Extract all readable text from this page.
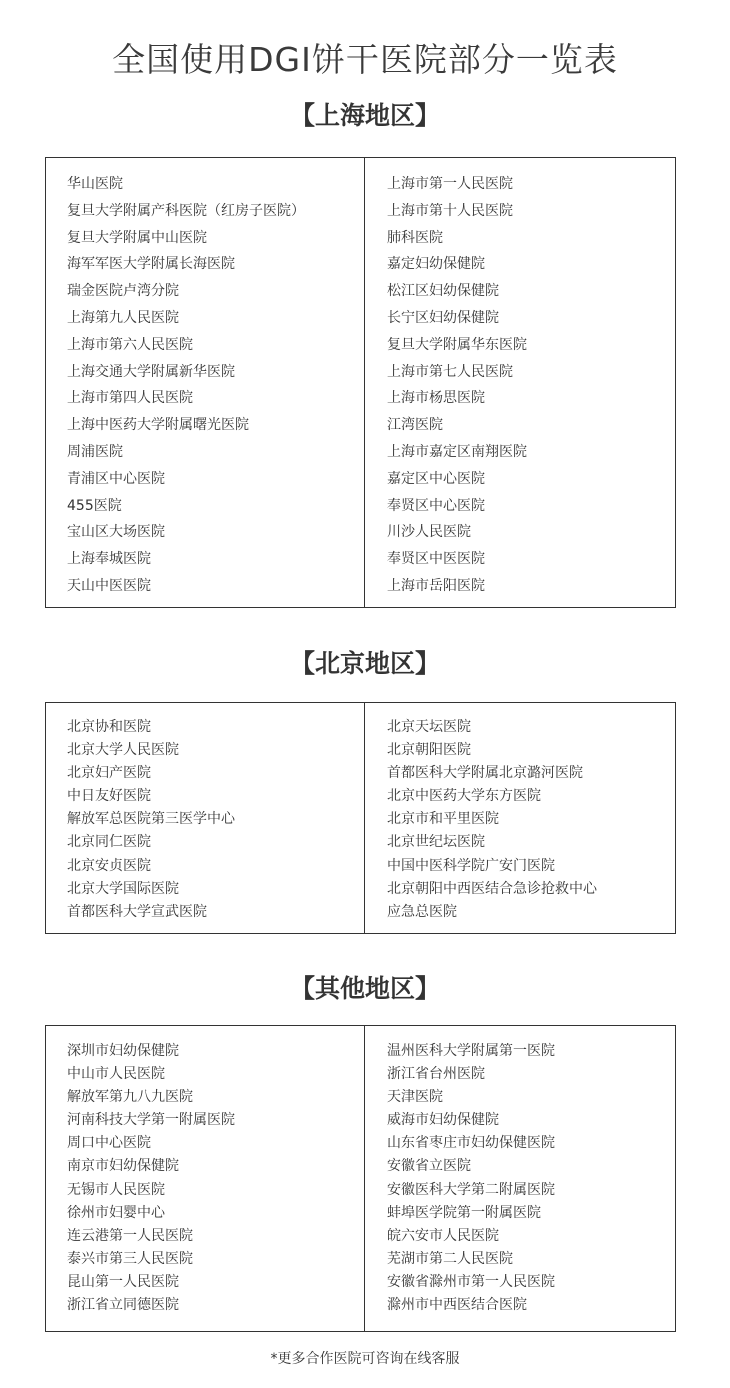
全国使用DGI饼干医院部分一览表
【上海地区】
华山医院
复旦大学附属产科医院（红房子医院）
复旦大学附属中山医院
海军军医大学附属长海医院
瑞金医院卢湾分院
上海第九人民医院
上海市第六人民医院
上海交通大学附属新华医院
上海市第四人民医院
上海中医药大学附属曙光医院
周浦医院
青浦区中心医院
455医院
宝山区大场医院
上海奉城医院
天山中医医院
上海市第一人民医院
上海市第十人民医院
肺科医院
嘉定妇幼保健院
松江区妇幼保健院
长宁区妇幼保健院
复旦大学附属华东医院
上海市第七人民医院
上海市杨思医院
江湾医院
上海市嘉定区南翔医院
嘉定区中心医院
奉贤区中心医院
川沙人民医院
奉贤区中医医院
上海市岳阳医院
【北京地区】
北京协和医院
北京大学人民医院
北京妇产医院
中日友好医院
解放军总医院第三医学中心
北京同仁医院
北京安贞医院
北京大学国际医院
首都医科大学宣武医院
北京天坛医院
北京朝阳医院
首都医科大学附属北京潞河医院
北京中医药大学东方医院
北京市和平里医院
北京世纪坛医院
中国中医科学院广安门医院
北京朝阳中西医结合急诊抢救中心
应急总医院
【其他地区】
深圳市妇幼保健院
中山市人民医院
解放军第九八九医院
河南科技大学第一附属医院
周口中心医院
南京市妇幼保健院
无锡市人民医院
徐州市妇婴中心
连云港第一人民医院
泰兴市第三人民医院
昆山第一人民医院
浙江省立同德医院
温州医科大学附属第一医院
浙江省台州医院
天津医院
威海市妇幼保健院
山东省枣庄市妇幼保健医院
安徽省立医院
安徽医科大学第二附属医院
蚌埠医学院第一附属医院
皖六安市人民医院
芜湖市第二人民医院
安徽省滁州市第一人民医院
滁州市中西医结合医院
*更多合作医院可咨询在线客服
